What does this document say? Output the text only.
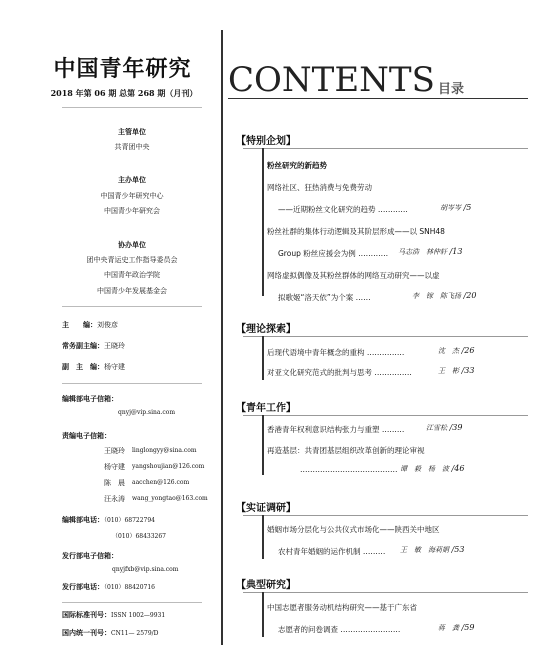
中国青年研究
2018 年第 06 期 总第 268 期（月刊）
主管单位
共青团中央
主办单位
中国青少年研究中心
中国青少年研究会
协办单位
团中央青运史工作指导委员会
中国青年政治学院
中国青少年发展基金会
主　　编：刘俊彦
常务副主编：王晓玲
副　主　编：杨守建
编辑部电子信箱：
qnyj@vip.sina.com
责编电子信箱：
王晓玲 linglongyy@sina.com
杨守建 yangshoujian@126.com
陈　晨 aacchen@126.com
汪永涛 wang_yongtao@163.com
编辑部电话：（010）68722794
（010）68433267
发行部电子信箱：
qnyjfxb@vip.sina.com
发行部电话：（010）88420716
国际标准刊号：ISSN 1002—9931
国内统一刊号：CN11— 2579/D
CONTENTS 目录
【特别企划】
粉丝研究的新趋势
网络社区、狂热消费与免费劳动
——近期粉丝文化研究的趋势 …………	胡岑岑 /5
粉丝社群的集体行动逻辑及其阶层形成——以 SNH48
Group 粉丝应援会为例 ………… 马志浩　林仲轩 /13
网络虚拟偶像及其粉丝群体的网络互动研究——以虚
拟歌姬“洛天依”为个案 ……	李　镓　陈飞扬 /20
【理论探索】
后现代语境中青年概念的重构 ……………	沈　杰 /26
对亚文化研究范式的批判与思考 ……………	王　彬 /33
【青年工作】
香港青年权利意识结构张力与重塑 ………	江雪松 /39
再造基层：共青团基层组织改革创新的理论审视
………………………………… 谭　毅　杨　波 /46
【实证调研】
婚姻市场分层化与公共仪式市场化——陕西关中地区
农村青年婚姻的运作机制 ……… 王　敏　海莉娟 /53
【典型研究】
中国志愿者服务动机结构研究——基于广东省
志愿者的问卷调查 ……………………	蒋　龚 /59
